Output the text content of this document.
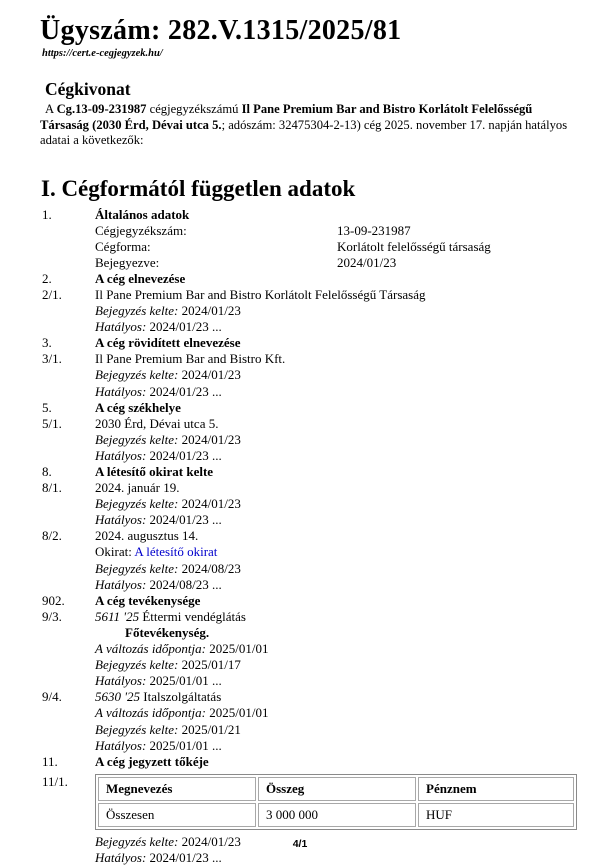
Ügyszám: 282.V.1315/2025/81
https://cert.e-cegjegyzek.hu/
Cégkivonat
A Cg.13-09-231987 cégjegyzékszámú Il Pane Premium Bar and Bistro Korlátolt Felelősségű Társaság (2030 Érd, Dévai utca 5.; adószám: 32475304-2-13) cég 2025. november 17. napján hatályos adatai a következők:
I. Cégformától független adatok
1.	Általános adatok
Cégjegyzékszám:	13-09-231987
Cégforma:	Korlátolt felelősségű társaság
Bejegyezve:	2024/01/23
2.	A cég elnevezése
2/1.	Il Pane Premium Bar and Bistro Korlátolt Felelősségű Társaság
Bejegyzés kelte: 2024/01/23
Hatályos: 2024/01/23 ...
3.	A cég rövidített elnevezése
3/1.	Il Pane Premium Bar and Bistro Kft.
Bejegyzés kelte: 2024/01/23
Hatályos: 2024/01/23 ...
5.	A cég székhelye
5/1.	2030 Érd, Dévai utca 5.
Bejegyzés kelte: 2024/01/23
Hatályos: 2024/01/23 ...
8.	A létesítő okirat kelte
8/1.	2024. január 19.
Bejegyzés kelte: 2024/01/23
Hatályos: 2024/01/23 ...
8/2.	2024. augusztus 14.
Okirat: A létesítő okirat
Bejegyzés kelte: 2024/08/23
Hatályos: 2024/08/23 ...
902. A cég tevékenysége
9/3.	5611 '25 Éttermi vendéglátás
Főtevékenység.
A változás időpontja: 2025/01/01
Bejegyzés kelte: 2025/01/17
Hatályos: 2025/01/01 ...
9/4.	5630 '25 Italszolgáltatás
A változás időpontja: 2025/01/01
Bejegyzés kelte: 2025/01/21
Hatályos: 2025/01/01 ...
11.	A cég jegyzett tőkéje
11/1.	Megnevezés	Összeg	Pénznem
Összesen	3 000 000	HUF
Bejegyzés kelte: 2024/01/23
Hatályos: 2024/01/23 ...
4/1
